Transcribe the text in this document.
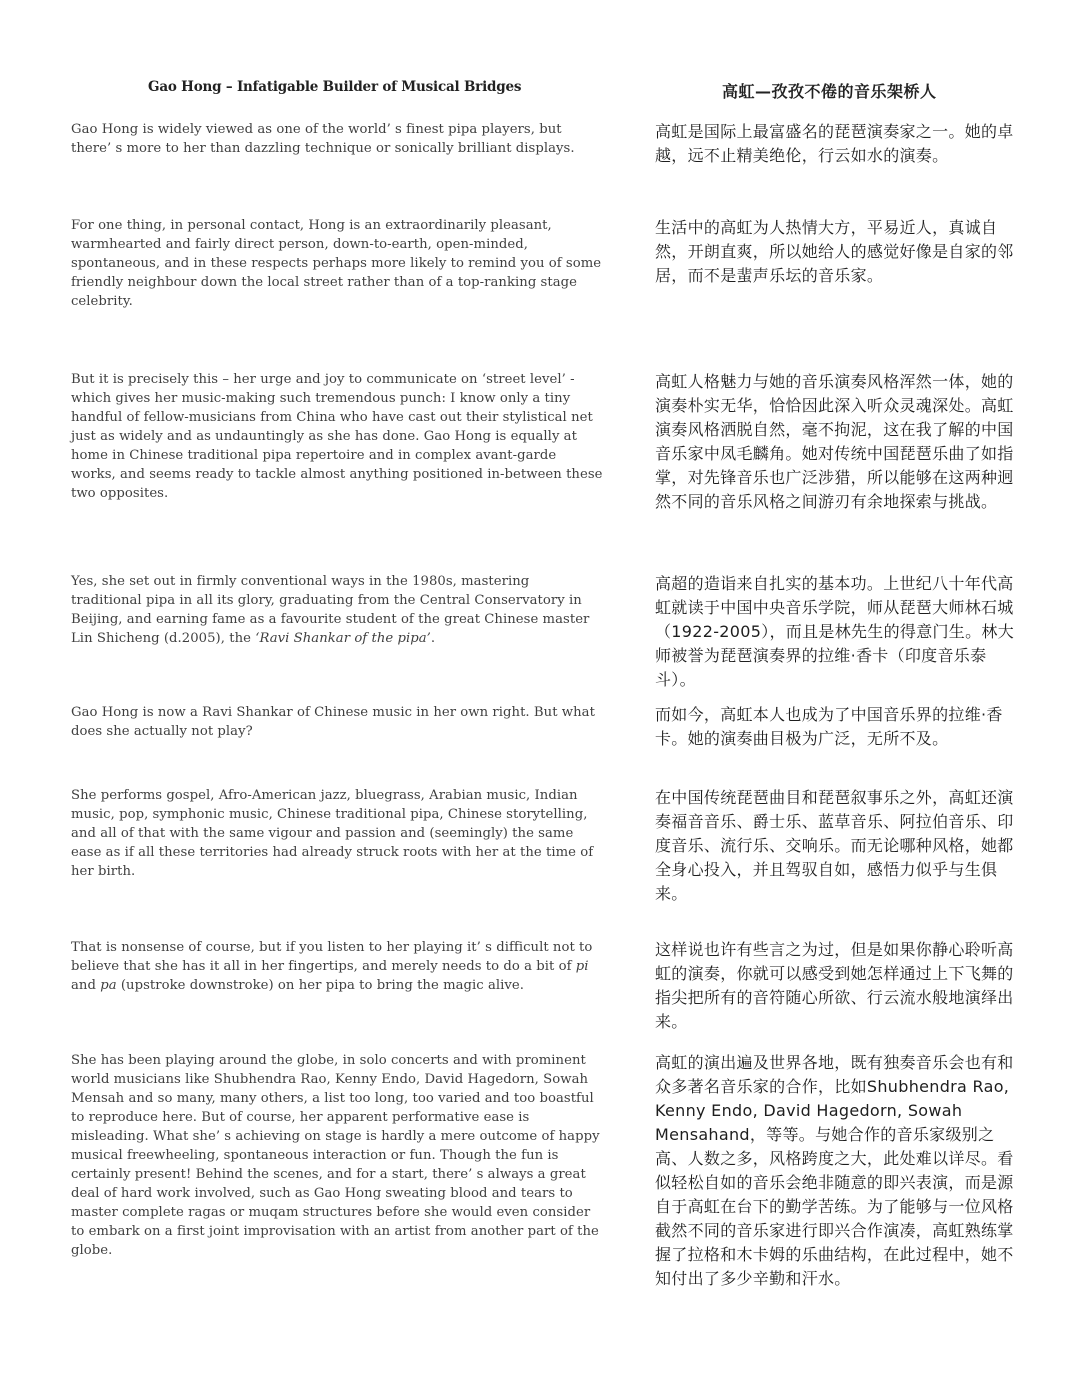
Gao Hong – Infatigable Builder of Musical Bridges	高虹—孜孜不倦的音乐架桥人

Gao Hong is widely viewed as one of the world’ s finest pipa players, but there’ s more to her than dazzling technique or sonically brilliant displays.

For one thing, in personal contact, Hong is an extraordinarily pleasant, warmhearted and fairly direct person, down-to-earth, open-minded, spontaneous, and in these respects perhaps more likely to remind you of some friendly neighbour down the local street rather than of a top-ranking stage celebrity.

But it is precisely this – her urge and joy to communicate on ‘street level’ - which gives her music-making such tremendous punch: I know only a tiny handful of fellow-musicians from China who have cast out their stylistical net just as widely and as undauntingly as she has done. Gao Hong is equally at home in Chinese traditional pipa repertoire and in complex avant-garde works, and seems ready to tackle almost anything positioned in-between these two opposites.

Yes, she set out in firmly conventional ways in the 1980s, mastering traditional pipa in all its glory, graduating from the Central Conservatory in Beijing, and earning fame as a favourite student of the great Chinese master Lin Shicheng (d.2005), the ‘Ravi Shankar of the pipa’.

Gao Hong is now a Ravi Shankar of Chinese music in her own right. But what does she actually not play?

She performs gospel, Afro-American jazz, bluegrass, Arabian music, Indian music, pop, symphonic music, Chinese traditional pipa, Chinese storytelling, and all of that with the same vigour and passion and (seemingly) the same ease as if all these territories had already struck roots with her at the time of her birth.

That is nonsense of course, but if you listen to her playing it’ s difficult not to believe that she has it all in her fingertips, and merely needs to do a bit of pi and pa (upstroke downstroke) on her pipa to bring the magic alive.

She has been playing around the globe, in solo concerts and with prominent world musicians like Shubhendra Rao, Kenny Endo, David Hagedorn, Sowah Mensah and so many, many others, a list too long, too varied and too boastful to reproduce here. But of course, her apparent performative ease is misleading. What she’ s achieving on stage is hardly a mere outcome of happy musical freewheeling, spontaneous interaction or fun. Though the fun is certainly present! Behind the scenes, and for a start, there’ s always a great deal of hard work involved, such as Gao Hong sweating blood and tears to master complete ragas or muqam structures before she would even consider to embark on a first joint improvisation with an artist from another part of the globe.

高虹是国际上最富盛名的琵琶演奏家之一。她的卓越，远不止精美绝伦，行云如水的演奏。

生活中的高虹为人热情大方，平易近人，真诚自然，开朗直爽，所以她给人的感觉好像是自家的邻居，而不是蜚声乐坛的音乐家。

高虹人格魅力与她的音乐演奏风格浑然一体，她的演奏朴实无华，恰恰因此深入听众灵魂深处。高虹演奏风格洒脱自然，毫不拘泥，这在我了解的中国音乐家中凤毛麟角。她对传统中国琵琶乐曲了如指掌，对先锋音乐也广泛涉猎，所以能够在这两种迥然不同的音乐风格之间游刃有余地探索与挑战。

高超的造诣来自扎实的基本功。上世纪八十年代高虹就读于中国中央音乐学院，师从琵琶大师林石城（1922-2005），而且是林先生的得意门生。林大师被誉为琵琶演奏界的拉维·香卡（印度音乐泰斗）。

而如今，高虹本人也成为了中国音乐界的拉维·香卡。她的演奏曲目极为广泛，无所不及。

在中国传统琵琶曲目和琵琶叙事乐之外，高虹还演奏福音音乐、爵士乐、蓝草音乐、阿拉伯音乐、印度音乐、流行乐、交响乐。而无论哪种风格，她都全身心投入，并且驾驭自如，感悟力似乎与生俱来。

这样说也许有些言之为过，但是如果你静心聆听高虹的演奏，你就可以感受到她怎样通过上下飞舞的指尖把所有的音符随心所欲、行云流水般地演绎出来。

高虹的演出遍及世界各地，既有独奏音乐会也有和众多著名音乐家的合作，比如Shubhendra Rao, Kenny Endo, David Hagedorn, Sowah Mensahand，等等。与她合作的音乐家级别之高、人数之多，风格跨度之大，此处难以详尽。看似轻松自如的音乐会绝非随意的即兴表演，而是源自于高虹在台下的勤学苦练。为了能够与一位风格截然不同的音乐家进行即兴合作演凑，高虹熟练掌握了拉格和木卡姆的乐曲结构，在此过程中，她不知付出了多少辛勤和汗水。
